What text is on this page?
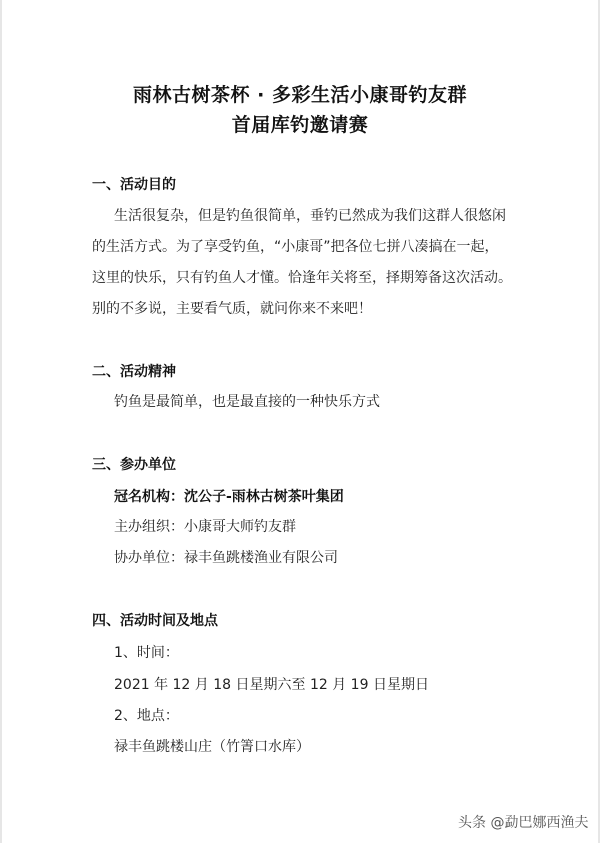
雨林古树茶杯 · 多彩生活小康哥钓友群
首届库钓邀请赛
一、活动目的
生活很复杂，但是钓鱼很简单，垂钓已然成为我们这群人很悠闲
的生活方式。为了享受钓鱼，“小康哥”把各位七拼八凑搞在一起，
这里的快乐，只有钓鱼人才懂。恰逢年关将至，择期筹备这次活动。
别的不多说，主要看气质，就问你来不来吧！
二、活动精神
钓鱼是最简单，也是最直接的一种快乐方式
三、参办单位
冠名机构：沈公子-雨林古树茶叶集团
主办组织：小康哥大师钓友群
协办单位：禄丰鱼跳楼渔业有限公司
四、活动时间及地点
1、时间：
2021 年 12 月 18 日星期六至 12 月 19 日星期日
2、地点：
禄丰鱼跳楼山庄（竹箐口水库）
头条 @勐巴娜西渔夫
